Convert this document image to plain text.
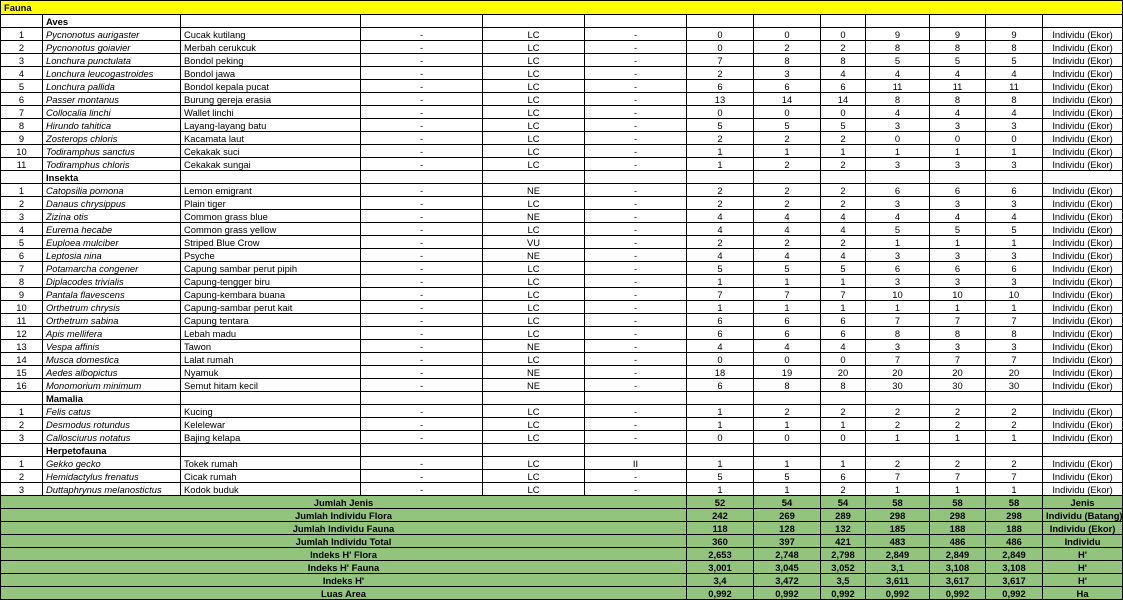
Fauna												
	Aves											
1	Pycnonotus aurigaster	Cucak kutilang	-	LC	-	0	0	0	9	9	9	Individu (Ekor)
2	Pycnonotus goiavier	Merbah cerukcuk	-	LC	-	0	2	2	8	8	8	Individu (Ekor)
3	Lonchura punctulata	Bondol peking	-	LC	-	7	8	8	5	5	5	Individu (Ekor)
4	Lonchura leucogastroides	Bondol jawa	-	LC	-	2	3	4	4	4	4	Individu (Ekor)
5	Lonchura pallida	Bondol kepala pucat	-	LC	-	6	6	6	11	11	11	Individu (Ekor)
6	Passer montanus	Burung gereja erasia	-	LC	-	13	14	14	8	8	8	Individu (Ekor)
7	Collocalia linchi	Wallet linchi	-	LC	-	0	0	0	4	4	4	Individu (Ekor)
8	Hirundo tahitica	Layang-layang batu	-	LC	-	5	5	5	3	3	3	Individu (Ekor)
9	Zosterops chloris	Kacamata laut	-	LC	-	2	2	2	0	0	0	Individu (Ekor)
10	Todiramphus sanctus	Cekakak suci	-	LC	-	1	1	1	1	1	1	Individu (Ekor)
11	Todiramphus chloris	Cekakak sungai	-	LC	-	1	2	2	3	3	3	Individu (Ekor)
	Insekta											
1	Catopsilia pomona	Lemon emigrant	-	NE	-	2	2	2	6	6	6	Individu (Ekor)
2	Danaus chrysippus	Plain tiger	-	LC	-	2	2	2	3	3	3	Individu (Ekor)
3	Zizina otis	Common grass blue	-	NE	-	4	4	4	4	4	4	Individu (Ekor)
4	Eurema hecabe	Common grass yellow	-	LC	-	4	4	4	5	5	5	Individu (Ekor)
5	Euploea mulciber	Striped Blue Crow	-	VU	-	2	2	2	1	1	1	Individu (Ekor)
6	Leptosia nina	Psyche	-	NE	-	4	4	4	3	3	3	Individu (Ekor)
7	Potamarcha congener	Capung sambar perut pipih	-	LC	-	5	5	5	6	6	6	Individu (Ekor)
8	Diplacodes trivialis	Capung-tengger biru	-	LC	-	1	1	1	3	3	3	Individu (Ekor)
9	Pantala flavescens	Capung-kembara buana	-	LC	-	7	7	7	10	10	10	Individu (Ekor)
10	Orthetrum chrysis	Capung-sambar perut kait	-	LC	-	1	1	1	1	1	1	Individu (Ekor)
11	Orthetrum sabina	Capung tentara	-	LC	-	6	6	6	7	7	7	Individu (Ekor)
12	Apis mellifera	Lebah madu	-	LC	-	6	6	6	8	8	8	Individu (Ekor)
13	Vespa affinis	Tawon	-	NE	-	4	4	4	3	3	3	Individu (Ekor)
14	Musca domestica	Lalat rumah	-	LC	-	0	0	0	7	7	7	Individu (Ekor)
15	Aedes albopictus	Nyamuk	-	NE	-	18	19	20	20	20	20	Individu (Ekor)
16	Monomorium minimum	Semut hitam kecil	-	NE	-	6	8	8	30	30	30	Individu (Ekor)
	Mamalia											
1	Felis catus	Kucing	-	LC	-	1	2	2	2	2	2	Individu (Ekor)
2	Desmodus rotundus	Kelelewar	-	LC	-	1	1	1	2	2	2	Individu (Ekor)
3	Callosciurus notatus	Bajing kelapa	-	LC	-	0	0	0	1	1	1	Individu (Ekor)
	Herpetofauna											
1	Gekko gecko	Tokek rumah	-	LC	II	1	1	1	2	2	2	Individu (Ekor)
2	Hemidactylus frenatus	Cicak rumah	-	LC	-	5	5	6	7	7	7	Individu (Ekor)
3	Duttaphrynus melanostictus	Kodok buduk	-	LC	-	1	1	2	1	1	1	Individu (Ekor)
Jumlah Jenis						52	54	54	58	58	58	Jenis
Jumlah Individu Flora						242	269	289	298	298	298	Individu (Batang)
Jumlah Individu Fauna						118	128	132	185	188	188	Individu (Ekor)
Jumlah Individu Total						360	397	421	483	486	486	Individu
Indeks H' Flora						2,653	2,748	2,798	2,849	2,849	2,849	H'
Indeks H' Fauna						3,001	3,045	3,052	3,1	3,108	3,108	H'
Indeks H'						3,4	3,472	3,5	3,611	3,617	3,617	H'
Luas Area						0,992	0,992	0,992	0,992	0,992	0,992	Ha
